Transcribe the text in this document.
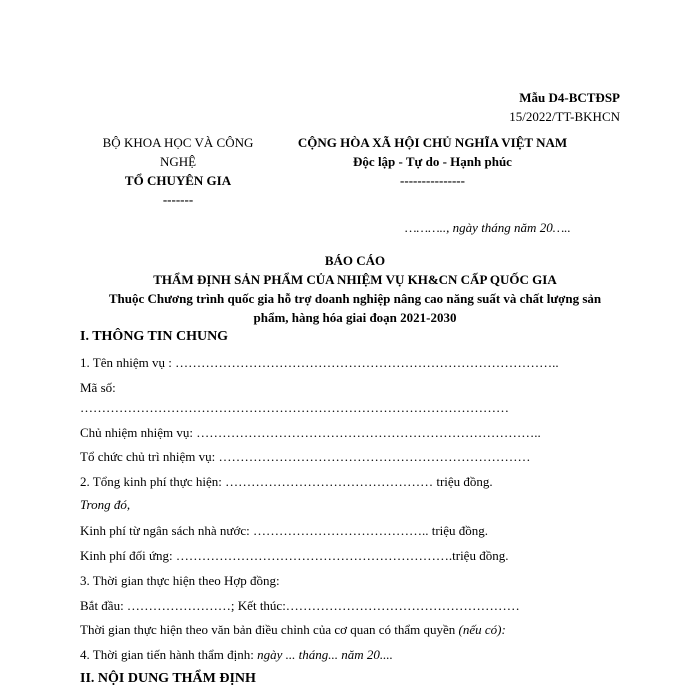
Mẫu D4-BCTĐSP
15/2022/TT-BKHCN
BỘ KHOA HỌC VÀ CÔNG
NGHỆ
TỔ CHUYÊN GIA
-------
CỘNG HÒA XÃ HỘI CHỦ NGHĨA VIỆT NAM
Độc lập - Tự do - Hạnh phúc
---------------
……….., ngày tháng năm 20…..
BÁO CÁO
THẨM ĐỊNH SẢN PHẨM CỦA NHIỆM VỤ KH&CN CẤP QUỐC GIA
Thuộc Chương trình quốc gia hỗ trợ doanh nghiệp nâng cao năng suất và chất lượng sản
phẩm, hàng hóa giai đoạn 2021-2030
I. THÔNG TIN CHUNG
1. Tên nhiệm vụ : ……………………………………………………………………………..
Mã số:
………………………………………………………………………………………
Chủ nhiệm nhiệm vụ: ……………………………………………………………………..
Tổ chức chủ trì nhiệm vụ: ………………………………………………………………
2. Tổng kinh phí thực hiện: ………………………………………… triệu đồng.
Trong đó,
Kinh phí từ ngân sách nhà nước: ………………………………….. triệu đồng.
Kinh phí đối ứng: ……………………………………………………….triệu đồng.
3. Thời gian thực hiện theo Hợp đồng:
Bắt đầu: ……………………; Kết thúc:………………………………………………
Thời gian thực hiện theo văn bản điều chỉnh của cơ quan có thẩm quyền (nếu có):
4. Thời gian tiến hành thẩm định: ngày ... tháng... năm 20....
II. NỘI DUNG THẨM ĐỊNH
